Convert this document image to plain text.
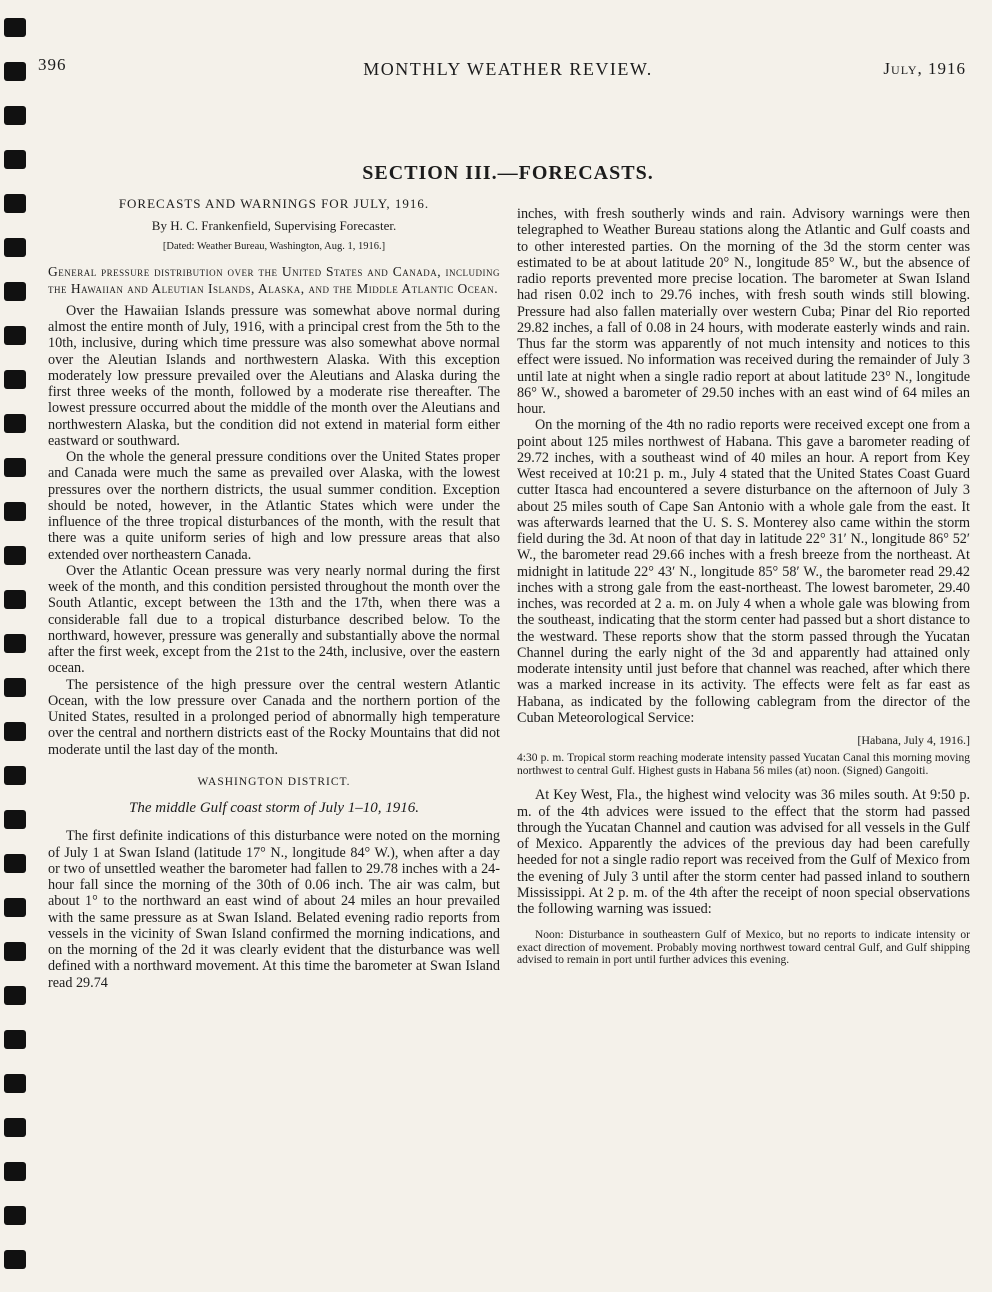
396	MONTHLY WEATHER REVIEW.	July, 1916
SECTION III.—FORECASTS.

FORECASTS AND WARNINGS FOR JULY, 1916.

By H. C. Frankenfield, Supervising Forecaster.

[Dated: Weather Bureau, Washington, Aug. 1, 1916.]

General pressure distribution over the United States and Canada, including the Hawaiian and Aleutian Islands, Alaska, and the Middle Atlantic Ocean.

Over the Hawaiian Islands pressure was somewhat above normal during almost the entire month of July, 1916, with a principal crest from the 5th to the 10th, inclusive, during which time pressure was also somewhat above normal over the Aleutian Islands and northwestern Alaska. With this exception moderately low pressure prevailed over the Aleutians and Alaska during the first three weeks of the month, followed by a moderate rise thereafter. The lowest pressure occurred about the middle of the month over the Aleutians and northwestern Alaska, but the condition did not extend in material form either eastward or southward.

On the whole the general pressure conditions over the United States proper and Canada were much the same as prevailed over Alaska, with the lowest pressures over the northern districts, the usual summer condition. Exception should be noted, however, in the Atlantic States which were under the influence of the three tropical disturbances of the month, with the result that there was a quite uniform series of high and low pressure areas that also extended over northeastern Canada.

Over the Atlantic Ocean pressure was very nearly normal during the first week of the month, and this condition persisted throughout the month over the South Atlantic, except between the 13th and the 17th, when there was a considerable fall due to a tropical disturbance described below. To the northward, however, pressure was generally and substantially above the normal after the first week, except from the 21st to the 24th, inclusive, over the eastern ocean.

The persistence of the high pressure over the central western Atlantic Ocean, with the low pressure over Canada and the northern portion of the United States, resulted in a prolonged period of abnormally high temperature over the central and northern districts east of the Rocky Mountains that did not moderate until the last day of the month.

WASHINGTON DISTRICT.

The middle Gulf coast storm of July 1–10, 1916.

The first definite indications of this disturbance were noted on the morning of July 1 at Swan Island (latitude 17° N., longitude 84° W.), when after a day or two of unsettled weather the barometer had fallen to 29.78 inches with a 24-hour fall since the morning of the 30th of 0.06 inch. The air was calm, but about 1° to the northward an east wind of about 24 miles an hour prevailed with the same pressure as at Swan Island. Belated evening radio reports from vessels in the vicinity of Swan Island confirmed the morning indications, and on the morning of the 2d it was clearly evident that the disturbance was well defined with a northward movement. At this time the barometer at Swan Island read 29.74

inches, with fresh southerly winds and rain. Advisory warnings were then telegraphed to Weather Bureau stations along the Atlantic and Gulf coasts and to other interested parties. On the morning of the 3d the storm center was estimated to be at about latitude 20° N., longitude 85° W., but the absence of radio reports prevented more precise location. The barometer at Swan Island had risen 0.02 inch to 29.76 inches, with fresh south winds still blowing. Pressure had also fallen materially over western Cuba; Pinar del Rio reported 29.82 inches, a fall of 0.08 in 24 hours, with moderate easterly winds and rain. Thus far the storm was apparently of not much intensity and notices to this effect were issued. No information was received during the remainder of July 3 until late at night when a single radio report at about latitude 23° N., longitude 86° W., showed a barometer of 29.50 inches with an east wind of 64 miles an hour.

On the morning of the 4th no radio reports were received except one from a point about 125 miles northwest of Habana. This gave a barometer reading of 29.72 inches, with a southeast wind of 40 miles an hour. A report from Key West received at 10:21 p. m., July 4 stated that the United States Coast Guard cutter Itasca had encountered a severe disturbance on the afternoon of July 3 about 25 miles south of Cape San Antonio with a whole gale from the east. It was afterwards learned that the U. S. S. Monterey also came within the storm field during the 3d. At noon of that day in latitude 22° 31′ N., longitude 86° 52′ W., the barometer read 29.66 inches with a fresh breeze from the northeast. At midnight in latitude 22° 43′ N., longitude 85° 58′ W., the barometer read 29.42 inches with a strong gale from the east-northeast. The lowest barometer, 29.40 inches, was recorded at 2 a. m. on July 4 when a whole gale was blowing from the southeast, indicating that the storm center had passed but a short distance to the westward. These reports show that the storm passed through the Yucatan Channel during the early night of the 3d and apparently had attained only moderate intensity until just before that channel was reached, after which there was a marked increase in its activity. The effects were felt as far east as Habana, as indicated by the following cablegram from the director of the Cuban Meteorological Service:

[Habana, July 4, 1916.]

4:30 p. m. Tropical storm reaching moderate intensity passed Yucatan Canal this morning moving northwest to central Gulf. Highest gusts in Habana 56 miles (at) noon. (Signed) Gangoiti.

At Key West, Fla., the highest wind velocity was 36 miles south. At 9:50 p. m. of the 4th advices were issued to the effect that the storm had passed through the Yucatan Channel and caution was advised for all vessels in the Gulf of Mexico. Apparently the advices of the previous day had been carefully heeded for not a single radio report was received from the Gulf of Mexico from the evening of July 3 until after the storm center had passed inland to southern Mississippi. At 2 p. m. of the 4th after the receipt of noon special observations the following warning was issued:

Noon: Disturbance in southeastern Gulf of Mexico, but no reports to indicate intensity or exact direction of movement. Probably moving northwest toward central Gulf, and Gulf shipping advised to remain in port until further advices this evening.
